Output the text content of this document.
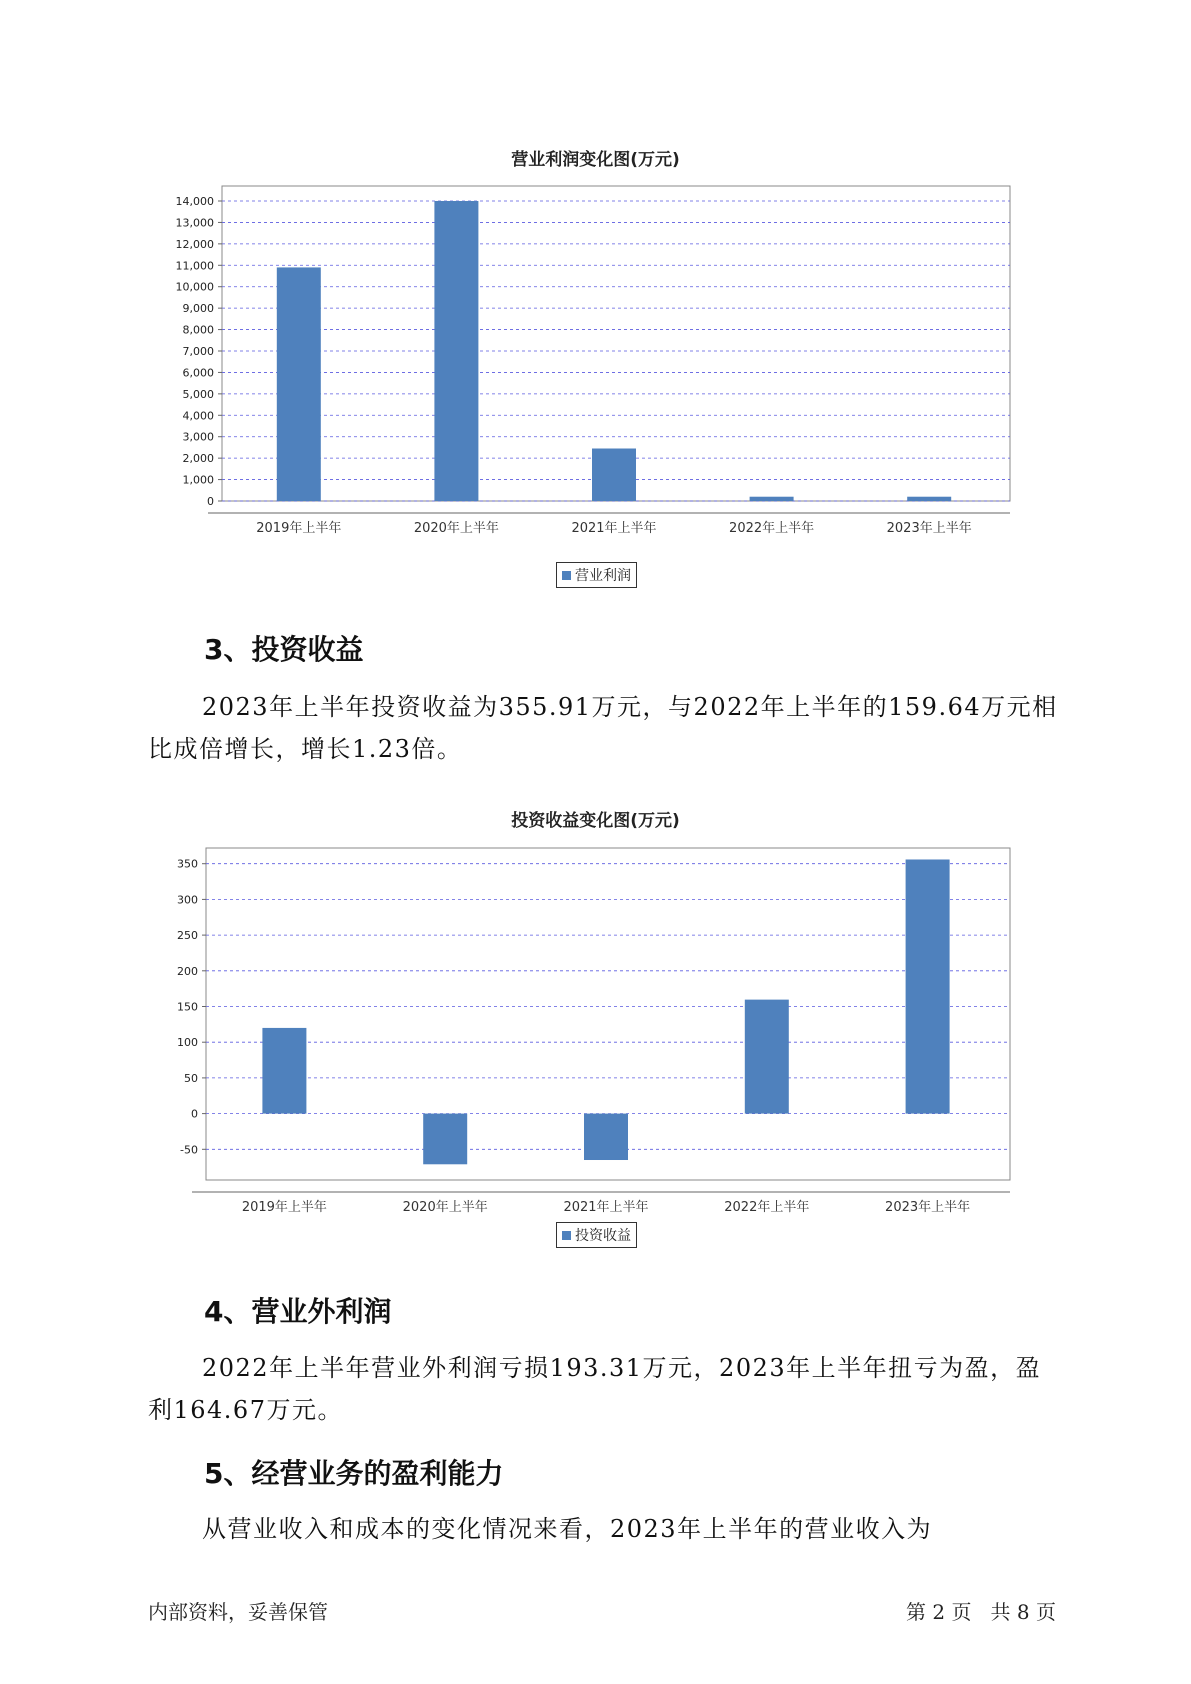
营业利润变化图(万元)
0
1,000
2,000
3,000
4,000
5,000
6,000
7,000
8,000
9,000
10,000
11,000
12,000
13,000
14,000
2019年上半年	2020年上半年	2021年上半年	2022年上半年	2023年上半年
营业利润
3、投资收益

2023年上半年投资收益为355.91万元，与2022年上半年的159.64万元相比成倍增长，增长1.23倍。

投资收益变化图(万元)
-50
0
50
100
150
200
250
300
350
2019年上半年	2020年上半年	2021年上半年	2022年上半年	2023年上半年
投资收益
4、营业外利润

2022年上半年营业外利润亏损193.31万元，2023年上半年扭亏为盈，盈利164.67万元。

5、经营业务的盈利能力

从营业收入和成本的变化情况来看，2023年上半年的营业收入为

内部资料，妥善保管	第 2 页   共 8 页
